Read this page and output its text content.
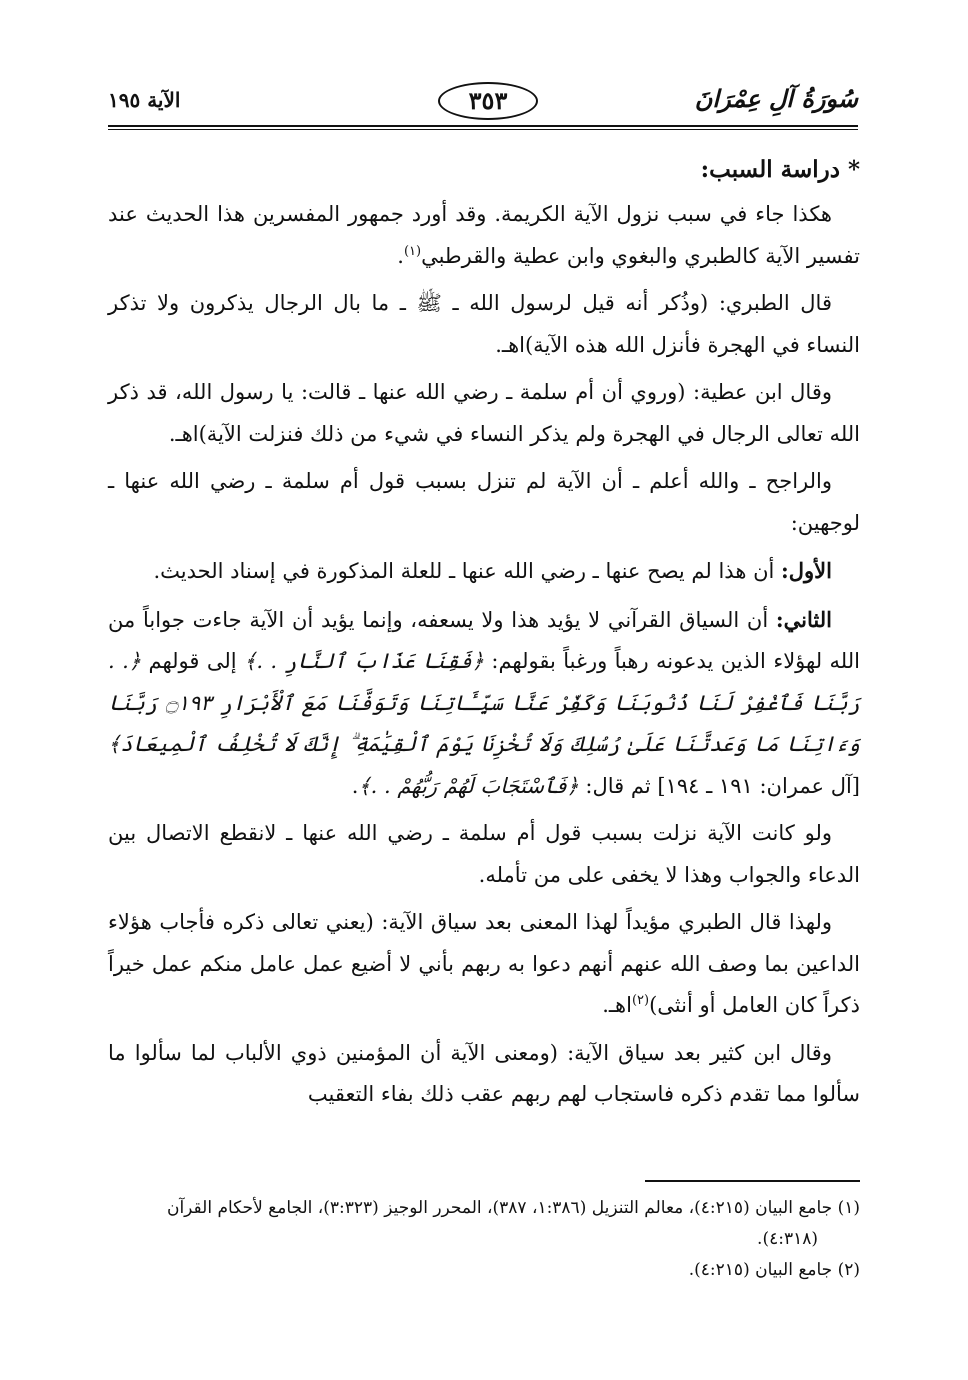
سُورَةُ آلِ عِمْرَانَ
٣٥٣
الآية ١٩٥
* دراسة السبب:

هكذا جاء في سبب نزول الآية الكريمة. وقد أورد جمهور المفسرين هذا الحديث عند تفسير الآية كالطبري والبغوي وابن عطية والقرطبي$^{(١)}$.

قال الطبري: (وذُكر أنه قيل لرسول الله ـ ﷺ ـ ما بال الرجال يذكرون ولا تذكر النساء في الهجرة فأنزل الله هذه الآية)اهـ.

وقال ابن عطية: (وروي أن أم سلمة ـ رضي الله عنها ـ قالت: يا رسول الله، قد ذكر الله تعالى الرجال في الهجرة ولم يذكر النساء في شيء من ذلك فنزلت الآية)اهـ.

والراجح ـ والله أعلم ـ أن الآية لم تنزل بسبب قول أم سلمة ـ رضي الله عنها ـ لوجهين:

الأول: أن هذا لم يصح عنها ـ رضي الله عنها ـ للعلة المذكورة في إسناد الحديث.

الثاني: أن السياق القرآني لا يؤيد هذا ولا يسعفه، وإنما يؤيد أن الآية جاءت جواباً من الله لهؤلاء الذين يدعونه رهباً ورغباً بقولهم: ﴿فَقِنَا عَذَابَ ٱلنَّارِ . .﴾ إلى قولهم ﴿. . رَبَّنَا فَٱغْفِرْ لَنَا ذُنُوبَنَا وَكَفِّرْ عَنَّا سَيِّـَٔاتِنَا وَتَوَفَّنَا مَعَ ٱلْأَبْرَارِ ۝١٩٣ رَبَّنَا وَءَاتِنَا مَا وَعَدتَّنَا عَلَىٰ رُسُلِكَ وَلَا تُخْزِنَا يَوْمَ ٱلْقِيَٰمَةِ ۗ إِنَّكَ لَا تُخْلِفُ ٱلْمِيعَادَ﴾ [آل عمران: ١٩١ ـ ١٩٤] ثم قال: ﴿فَٱسْتَجَابَ لَهُمْ رَبُّهُمْ . .﴾.

ولو كانت الآية نزلت بسبب قول أم سلمة ـ رضي الله عنها ـ لانقطع الاتصال بين الدعاء والجواب وهذا لا يخفى على من تأمله.

ولهذا قال الطبري مؤيداً لهذا المعنى بعد سياق الآية: (يعني تعالى ذكره فأجاب هؤلاء الداعين بما وصف الله عنهم أنهم دعوا به ربهم بأني لا أضيع عمل عامل منكم عمل خيراً ذكراً كان العامل أو أنثى)$^{(٢)}$اهـ.

وقال ابن كثير بعد سياق الآية: (ومعنى الآية أن المؤمنين ذوي الألباب لما سألوا ما سألوا مما تقدم ذكره فاستجاب لهم ربهم عقب ذلك بفاء التعقيب

(١) جامع البيان (٤:٢١٥)، معالم التنزيل (١:٣٨٦، ٣٨٧)، المحرر الوجيز (٣:٣٢٣)، الجامع لأحكام القرآن (٤:٣١٨).

(٢) جامع البيان (٤:٢١٥).
